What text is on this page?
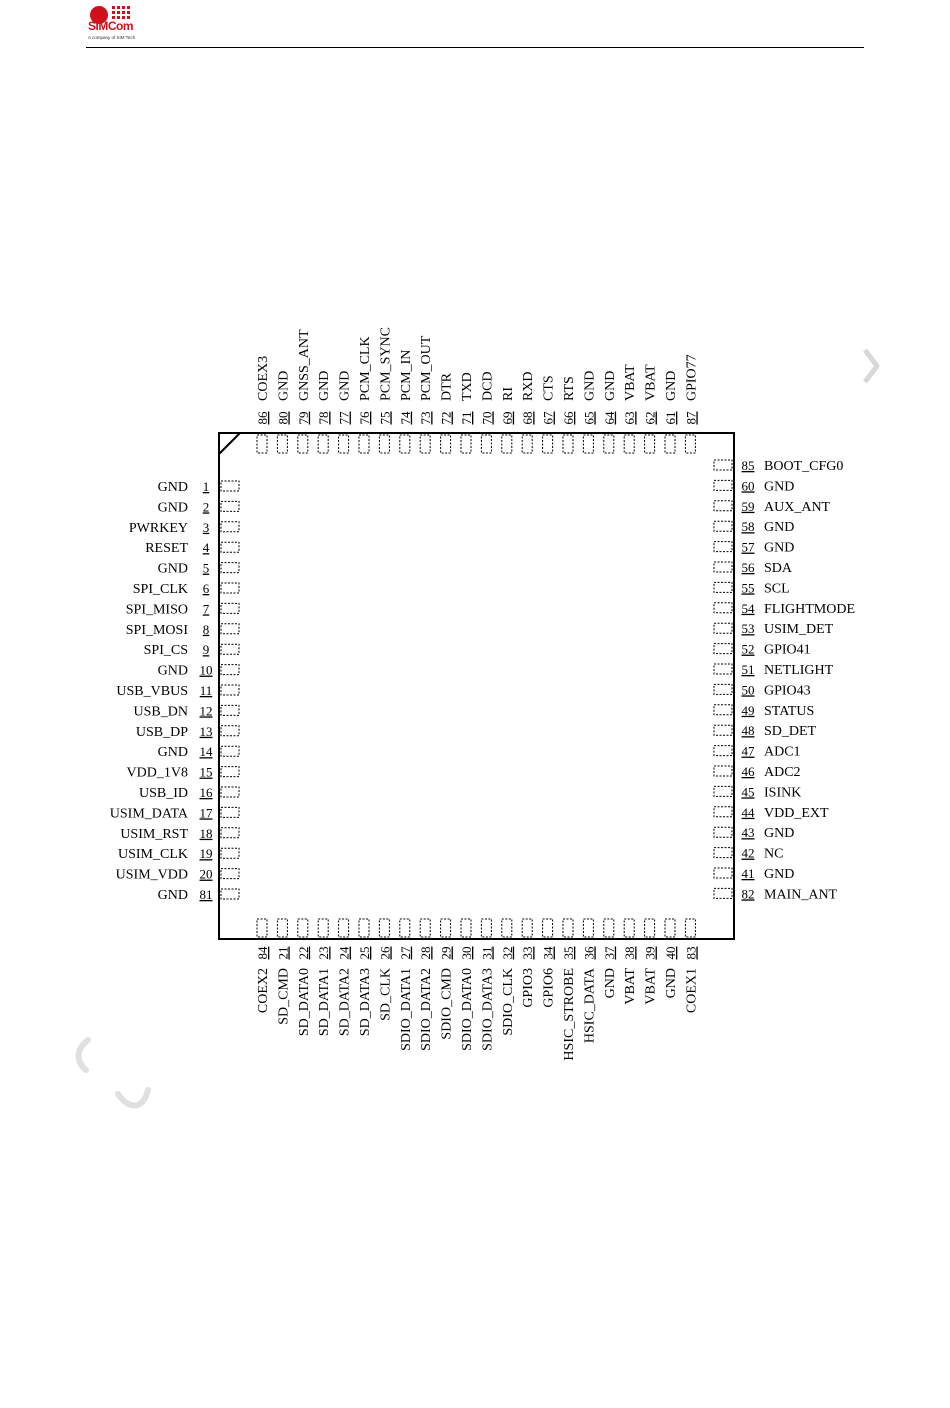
SIMCom
A company of SIM Tech
GND 1
GND 2
PWRKEY 3
RESET 4
GND 5
SPI_CLK 6
SPI_MISO 7
SPI_MOSI 8
SPI_CS 9
GND 10
USB_VBUS 11
USB_DN 12
USB_DP 13
GND 14
VDD_1V8 15
USB_ID 16
USIM_DATA 17
USIM_RST 18
USIM_CLK 19
USIM_VDD 20
GND 81
85 BOOT_CFG0
60 GND
59 AUX_ANT
58 GND
57 GND
56 SDA
55 SCL
54 FLIGHTMODE
53 USIM_DET
52 GPIO41
51 NETLIGHT
50 GPIO43
49 STATUS
48 SD_DET
47 ADC1
46 ADC2
45 ISINK
44 VDD_EXT
43 GND
42 NC
41 GND
82 MAIN_ANT
86
COEX3
80
GND
79
GNSS_ANT
78
GND
77
GND
76
PCM_CLK
75
PCM_SYNC
74
PCM_IN
73
PCM_OUT
72
DTR
71
TXD
70
DCD
69
RI
68
RXD
67
CTS
66
RTS
65
GND
64
GND
63
VBAT
62
VBAT
61
GND
87
GPIO77
84
COEX2
21
SD_CMD
22
SD_DATA0
23
SD_DATA1
24
SD_DATA2
25
SD_DATA3
26
SD_CLK
27
SDIO_DATA1
28
SDIO_DATA2
29
SDIO_CMD
30
SDIO_DATA0
31
SDIO_DATA3
32
SDIO_CLK
33
GPIO3
34
GPIO6
35
HSIC_STROBE
36
HSIC_DATA
37
GND
38
VBAT
39
VBAT
40
GND
83
COEX1
